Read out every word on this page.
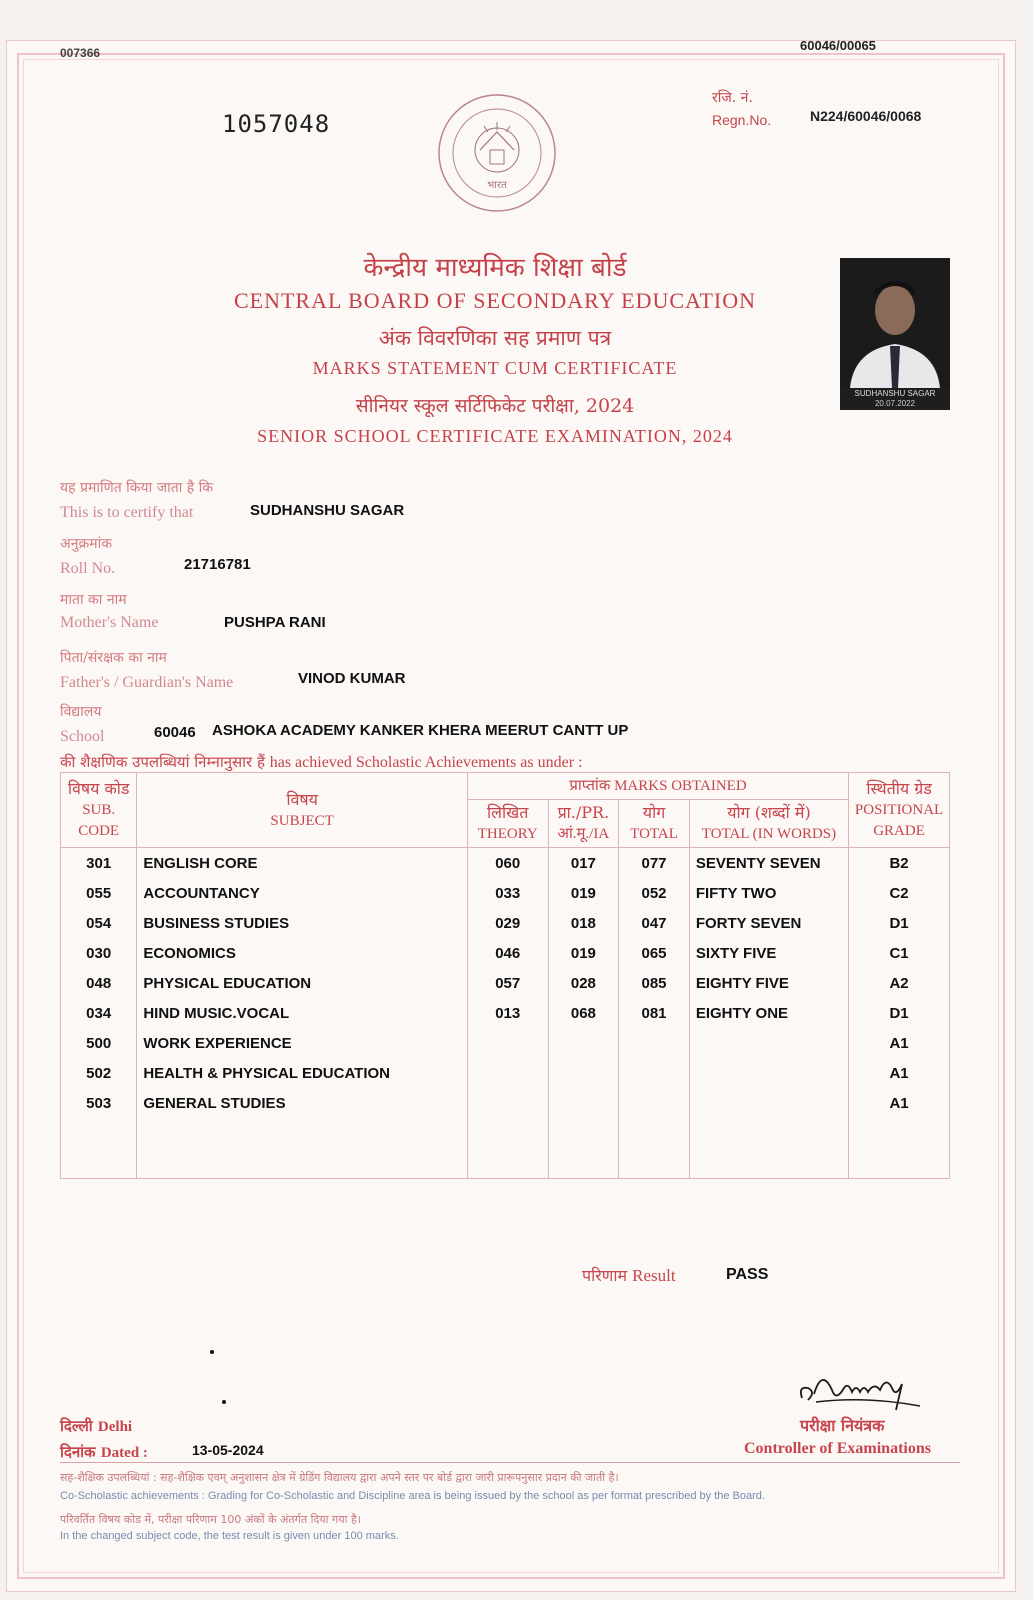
007366	60046/00065
1057048
रजि. नं.
Regn.No.	N224/60046/0068
भारत
SUDHANSHU SAGAR
20.07.2022
केन्द्रीय माध्यमिक शिक्षा बोर्ड
CENTRAL BOARD OF SECONDARY EDUCATION
अंक विवरणिका सह प्रमाण पत्र
MARKS STATEMENT CUM CERTIFICATE
सीनियर स्कूल सर्टिफिकेट परीक्षा, 2024
SENIOR SCHOOL CERTIFICATE EXAMINATION, 2024
यह प्रमाणित किया जाता है कि
This is to certify that	SUDHANSHU SAGAR
अनुक्रमांक
Roll No.	21716781
माता का नाम
Mother's Name	PUSHPA RANI
पिता/संरक्षक का नाम
Father's / Guardian's Name	VINOD KUMAR
विद्यालय
School	60046 ASHOKA ACADEMY KANKER KHERA MEERUT CANTT UP
की शैक्षणिक उपलब्धियां निम्नानुसार हैं has achieved Scholastic Achievements as under :
विषय कोड
SUB. CODE	विषय
SUBJECT	प्राप्तांक MARKS OBTAINED				स्थितीय ग्रेड
POSITIONAL GRADE

		लिखित
THEORY	प्रा./PR.
आं.मू./IA	योग
TOTAL	योग (शब्दों में)
TOTAL (IN WORDS)	
301	ENGLISH CORE	060	017	077	SEVENTY SEVEN	B2
055	ACCOUNTANCY	033	019	052	FIFTY TWO	C2
054	BUSINESS STUDIES	029	018	047	FORTY SEVEN	D1
030	ECONOMICS	046	019	065	SIXTY FIVE	C1
048	PHYSICAL EDUCATION	057	028	085	EIGHTY FIVE	A2
034	HIND MUSIC.VOCAL	013	068	081	EIGHTY ONE	D1
500	WORK EXPERIENCE					A1
502	HEALTH & PHYSICAL EDUCATION					A1
503	GENERAL STUDIES					A1

परिणाम Result	PASS
दिल्ली Delhi
दिनांक Dated :	13-05-2024
परीक्षा नियंत्रक
Controller of Examinations
सह-शैक्षिक उपलब्धियां : सह-शैक्षिक एवम् अनुशासन क्षेत्र में ग्रेडिंग विद्यालय द्वारा अपने स्तर पर बोर्ड द्वारा जारी प्रारूपनुसार प्रदान की जाती है।
Co-Scholastic achievements : Grading for Co-Scholastic and Discipline area is being issued by the school as per format prescribed by the Board.
परिवर्तित विषय कोड में, परीक्षा परिणाम 100 अंकों के अंतर्गत दिया गया है।
In the changed subject code, the test result is given under 100 marks.
